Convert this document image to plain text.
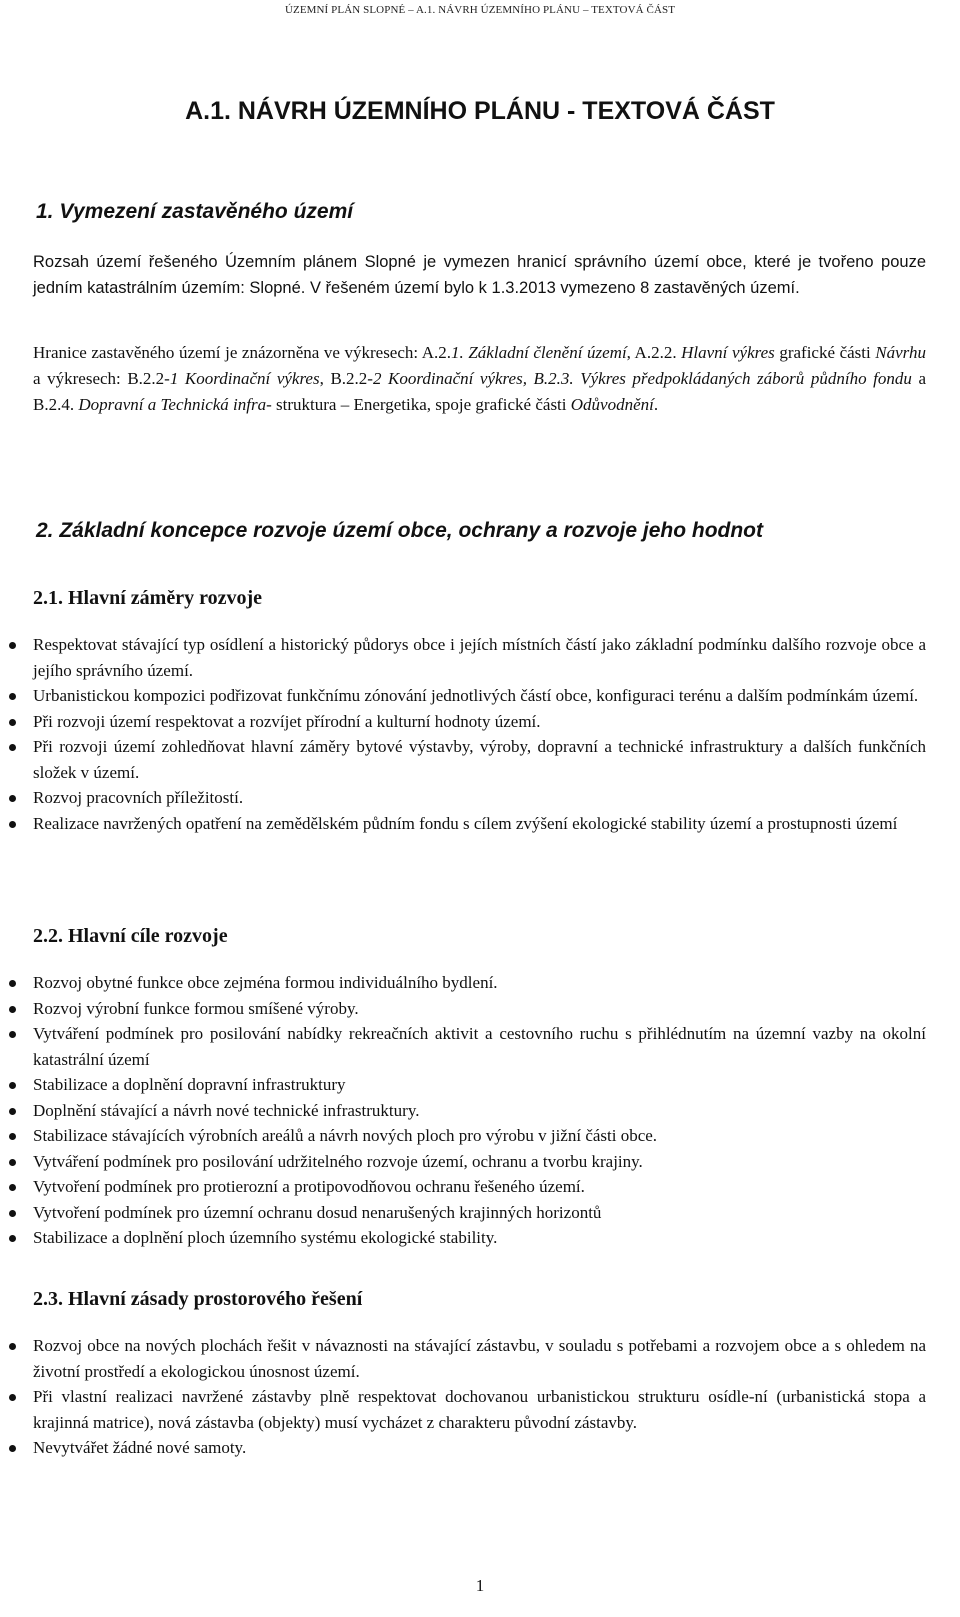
ÚZEMNÍ PLÁN SLOPNÉ – A.1. NÁVRH ÚZEMNÍHO PLÁNU – TEXTOVÁ ČÁST
A.1. NÁVRH ÚZEMNÍHO PLÁNU - TEXTOVÁ ČÁST
1. Vymezení zastavěného území
Rozsah území řešeného Územním plánem Slopné je vymezen hranicí správního území obce, které je tvořeno pouze jedním katastrálním územím: Slopné. V řešeném území bylo k 1.3.2013 vymezeno 8 zastavěných území.
Hranice zastavěného území je znázorněna ve výkresech: A.2.1. Základní členění území, A.2.2. Hlavní výkres grafické části Návrhu a výkresech: B.2.2-1 Koordinační výkres, B.2.2-2 Koordinační výkres, B.2.3. Výkres předpokládaných záborů půdního fondu a B.2.4. Dopravní a Technická infra- struktura – Energetika, spoje grafické části Odůvodnění.
2. Základní koncepce rozvoje území obce, ochrany a rozvoje jeho hodnot
2.1. Hlavní záměry rozvoje
Respektovat stávající typ osídlení a historický půdorys obce i jejích místních částí jako základní podmínku dalšího rozvoje obce a jejího správního území.
Urbanistickou kompozici podřizovat funkčnímu zónování jednotlivých částí obce, konfiguraci terénu a dalším podmínkám území.
Při rozvoji území respektovat a rozvíjet přírodní a kulturní hodnoty území.
Při rozvoji území zohledňovat hlavní záměry bytové výstavby, výroby, dopravní a technické infrastruktury a dalších funkčních složek v území.
Rozvoj pracovních příležitostí.
Realizace navržených opatření na zemědělském půdním fondu s cílem zvýšení ekologické stability území a prostupnosti území
2.2. Hlavní cíle rozvoje
Rozvoj obytné funkce obce zejména formou individuálního bydlení.
Rozvoj výrobní funkce formou smíšené výroby.
Vytváření podmínek pro posilování nabídky rekreačních aktivit a cestovního ruchu s přihlédnutím na územní vazby na okolní katastrální území
Stabilizace a doplnění dopravní infrastruktury
Doplnění stávající a návrh nové technické infrastruktury.
Stabilizace stávajících výrobních areálů a návrh nových ploch pro výrobu v jižní části obce.
Vytváření podmínek pro posilování udržitelného rozvoje území, ochranu a tvorbu krajiny.
Vytvoření podmínek pro protierozní a protipovodňovou ochranu řešeného území.
Vytvoření podmínek pro územní ochranu dosud nenarušených krajinných horizontů
Stabilizace a doplnění ploch územního systému ekologické stability.
2.3. Hlavní zásady prostorového řešení
Rozvoj obce na nových plochách řešit v návaznosti na stávající zástavbu, v souladu s potřebami a rozvojem obce a s ohledem na životní prostředí a ekologickou únosnost území.
Při vlastní realizaci navržené zástavby plně respektovat dochovanou urbanistickou strukturu osídle-ní (urbanistická stopa a krajinná matrice), nová zástavba (objekty) musí vycházet z charakteru původní zástavby.
Nevytvářet žádné nové samoty.
1
